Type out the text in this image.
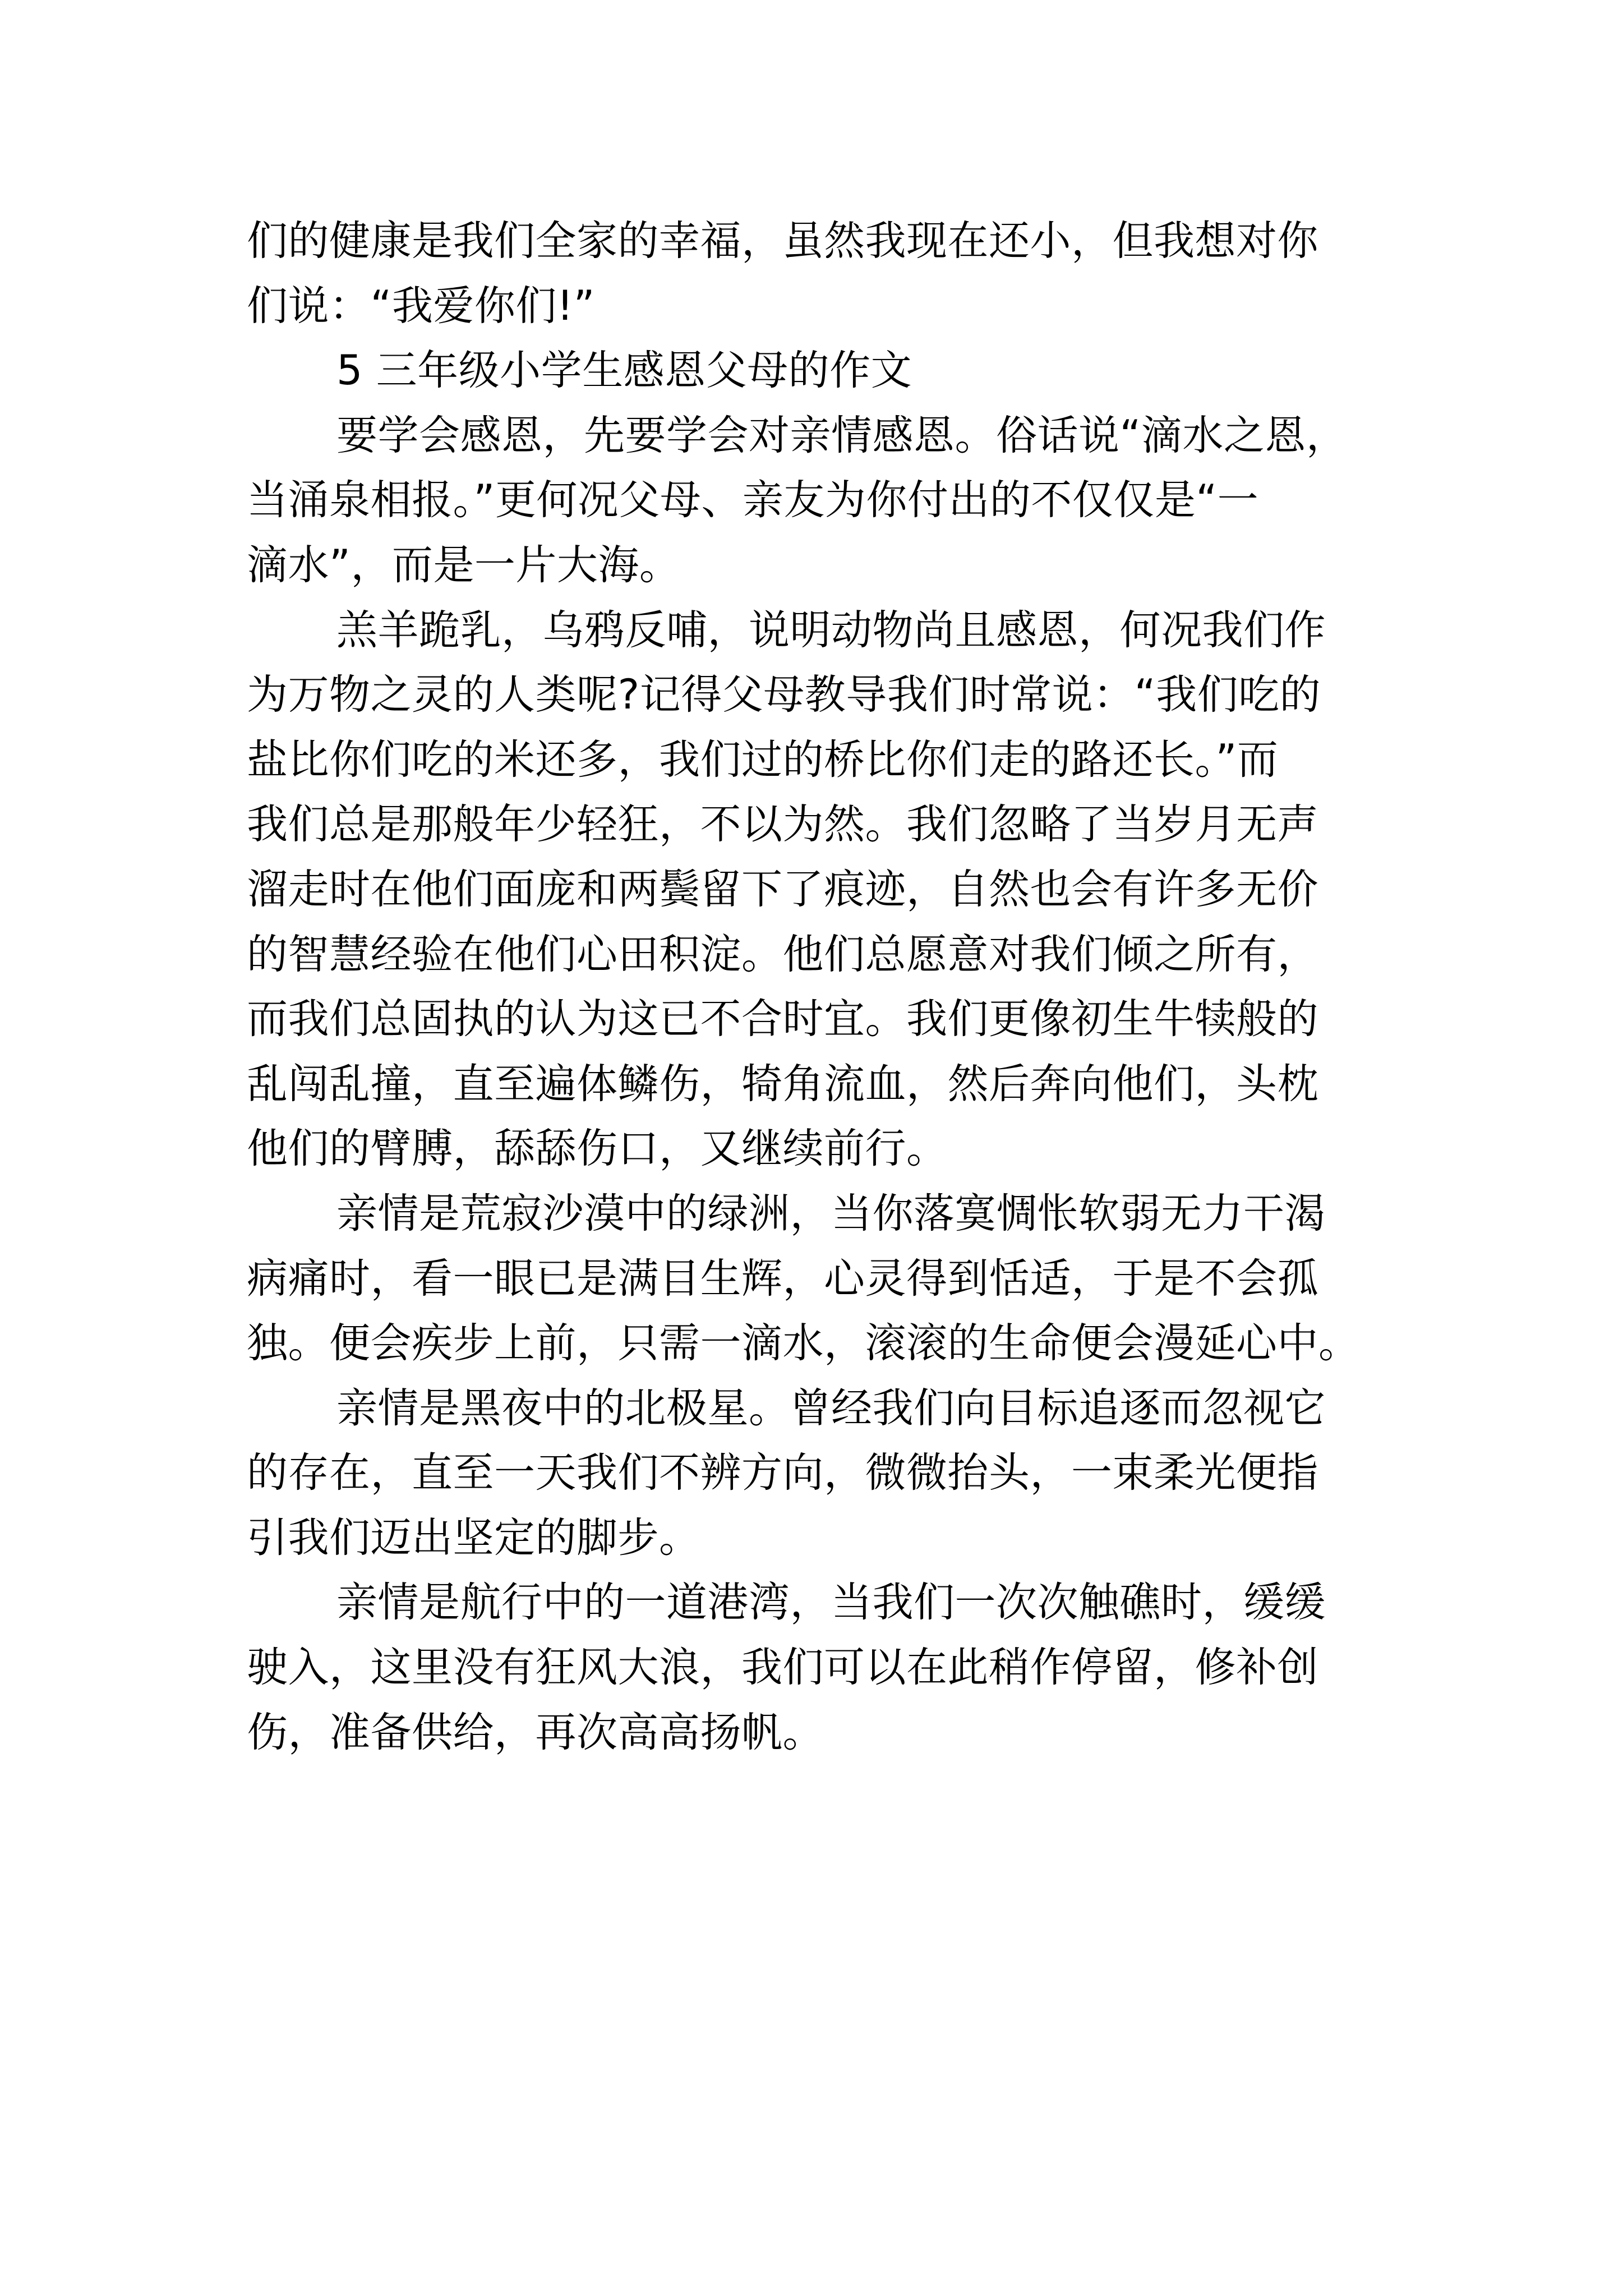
们的健康是我们全家的幸福，虽然我现在还小，但我想对你
们说：“我爱你们!”
5 三年级小学生感恩父母的作文
要学会感恩，先要学会对亲情感恩。俗话说“滴水之恩，
当涌泉相报。”更何况父母、亲友为你付出的不仅仅是“一
滴水”，而是一片大海。
羔羊跪乳，乌鸦反哺，说明动物尚且感恩，何况我们作
为万物之灵的人类呢?记得父母教导我们时常说：“我们吃的
盐比你们吃的米还多，我们过的桥比你们走的路还长。”而
我们总是那般年少轻狂，不以为然。我们忽略了当岁月无声
溜走时在他们面庞和两鬓留下了痕迹，自然也会有许多无价
的智慧经验在他们心田积淀。他们总愿意对我们倾之所有，
而我们总固执的认为这已不合时宜。我们更像初生牛犊般的
乱闯乱撞，直至遍体鳞伤，犄角流血，然后奔向他们，头枕
他们的臂膊，舔舔伤口，又继续前行。
亲情是荒寂沙漠中的绿洲，当你落寞惆怅软弱无力干渴
病痛时，看一眼已是满目生辉，心灵得到恬适，于是不会孤
独。便会疾步上前，只需一滴水，滚滚的生命便会漫延心中。
亲情是黑夜中的北极星。曾经我们向目标追逐而忽视它
的存在，直至一天我们不辨方向，微微抬头，一束柔光便指
引我们迈出坚定的脚步。
亲情是航行中的一道港湾，当我们一次次触礁时，缓缓
驶入，这里没有狂风大浪，我们可以在此稍作停留，修补创
伤，准备供给，再次高高扬帆。
